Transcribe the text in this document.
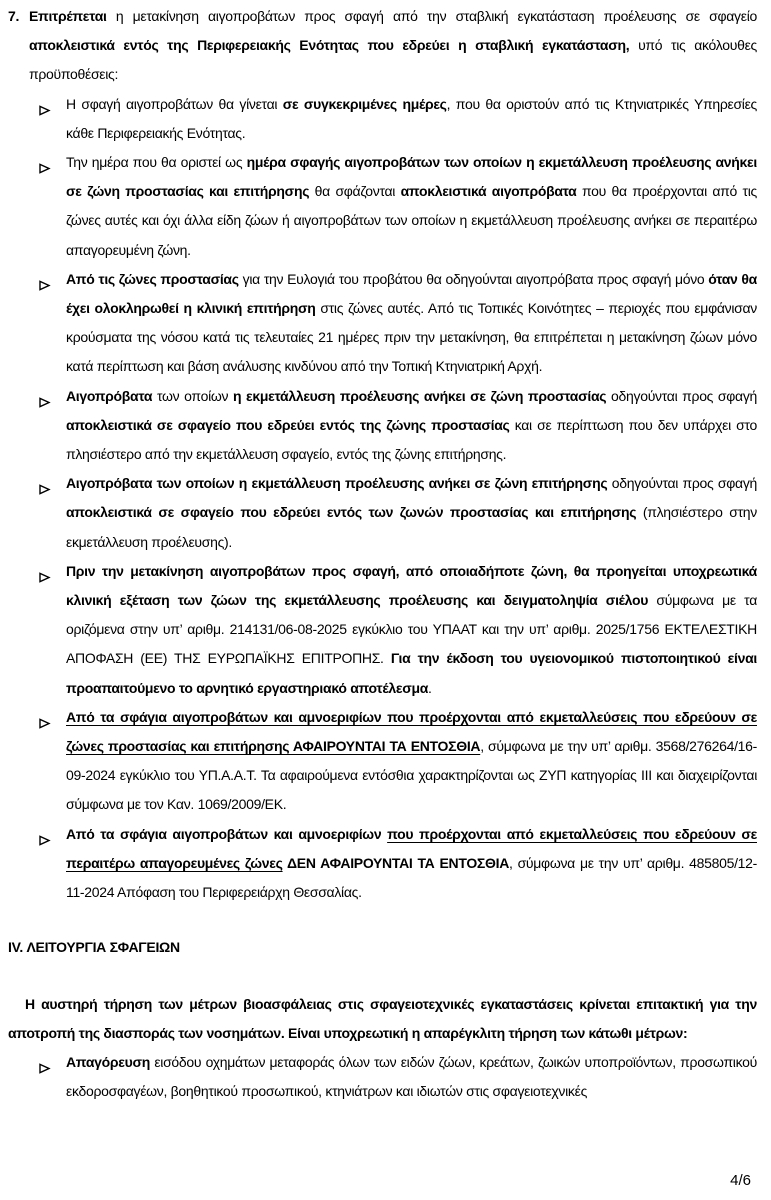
7. Επιτρέπεται η μετακίνηση αιγοπροβάτων προς σφαγή από την σταβλική εγκατάσταση προέλευσης σε σφαγείο αποκλειστικά εντός της Περιφερειακής Ενότητας που εδρεύει η σταβλική εγκατάσταση, υπό τις ακόλουθες προϋποθέσεις:
Η σφαγή αιγοπροβάτων θα γίνεται σε συγκεκριμένες ημέρες, που θα οριστούν από τις Κτηνιατρικές Υπηρεσίες κάθε Περιφερειακής Ενότητας.
Την ημέρα που θα οριστεί ως ημέρα σφαγής αιγοπροβάτων των οποίων η εκμετάλλευση προέλευσης ανήκει σε ζώνη προστασίας και επιτήρησης θα σφάζονται αποκλειστικά αιγοπρόβατα που θα προέρχονται από τις ζώνες αυτές και όχι άλλα είδη ζώων ή αιγοπροβάτων των οποίων η εκμετάλλευση προέλευσης ανήκει σε περαιτέρω απαγορευμένη ζώνη.
Από τις ζώνες προστασίας για την Ευλογιά του προβάτου θα οδηγούνται αιγοπρόβατα προς σφαγή μόνο όταν θα έχει ολοκληρωθεί η κλινική επιτήρηση στις ζώνες αυτές. Από τις Τοπικές Κοινότητες – περιοχές που εμφάνισαν κρούσματα της νόσου κατά τις τελευταίες 21 ημέρες πριν την μετακίνηση, θα επιτρέπεται η μετακίνηση ζώων μόνο κατά περίπτωση και βάση ανάλυσης κινδύνου από την Τοπική Κτηνιατρική Αρχή.
Αιγοπρόβατα των οποίων η εκμετάλλευση προέλευσης ανήκει σε ζώνη προστασίας οδηγούνται προς σφαγή αποκλειστικά σε σφαγείο που εδρεύει εντός της ζώνης προστασίας και σε περίπτωση που δεν υπάρχει στο πλησιέστερο από την εκμετάλλευση σφαγείο, εντός της ζώνης επιτήρησης.
Αιγοπρόβατα των οποίων η εκμετάλλευση προέλευσης ανήκει σε ζώνη επιτήρησης οδηγούνται προς σφαγή αποκλειστικά σε σφαγείο που εδρεύει εντός των ζωνών προστασίας και επιτήρησης (πλησιέστερο στην εκμετάλλευση προέλευσης).
Πριν την μετακίνηση αιγοπροβάτων προς σφαγή, από οποιαδήποτε ζώνη, θα προηγείται υποχρεωτικά κλινική εξέταση των ζώων της εκμετάλλευσης προέλευσης και δειγματοληψία σιέλου σύμφωνα με τα οριζόμενα στην υπ’ αριθμ. 214131/06-08-2025 εγκύκλιο του ΥΠΑΑΤ και την υπ’ αριθμ. 2025/1756 ΕΚΤΕΛΕΣΤΙΚΗ ΑΠΟΦΑΣΗ (ΕΕ) ΤΗΣ ΕΥΡΩΠΑΪΚΗΣ ΕΠΙΤΡΟΠΗΣ. Για την έκδοση του υγειονομικού πιστοποιητικού είναι προαπαιτούμενο το αρνητικό εργαστηριακό αποτέλεσμα.
Από τα σφάγια αιγοπροβάτων και αμνοεριφίων που προέρχονται από εκμεταλλεύσεις που εδρεύουν σε ζώνες προστασίας και επιτήρησης ΑΦΑΙΡΟΥΝΤΑΙ ΤΑ ΕΝΤΟΣΘΙΑ, σύμφωνα με την υπ’ αριθμ. 3568/276264/16-09-2024 εγκύκλιο του ΥΠ.Α.Α.Τ. Τα αφαιρούμενα εντόσθια χαρακτηρίζονται ως ΖΥΠ κατηγορίας ΙΙΙ και διαχειρίζονται σύμφωνα με τον Καν. 1069/2009/ΕΚ.
Από τα σφάγια αιγοπροβάτων και αμνοεριφίων που προέρχονται από εκμεταλλεύσεις που εδρεύουν σε περαιτέρω απαγορευμένες ζώνες ΔΕΝ ΑΦΑΙΡΟΥΝΤΑΙ ΤΑ ΕΝΤΟΣΘΙΑ, σύμφωνα με την υπ’ αριθμ. 485805/12-11-2024 Απόφαση του Περιφερειάρχη Θεσσαλίας.
IV. ΛΕΙΤΟΥΡΓΙΑ ΣΦΑΓΕΙΩΝ
Η αυστηρή τήρηση των μέτρων βιοασφάλειας στις σφαγειοτεχνικές εγκαταστάσεις κρίνεται επιτακτική για την αποτροπή της διασποράς των νοσημάτων. Είναι υποχρεωτική η απαρέγκλιτη τήρηση των κάτωθι μέτρων:
Απαγόρευση εισόδου οχημάτων μεταφοράς όλων των ειδών ζώων, κρεάτων, ζωικών υποπροϊόντων, προσωπικού εκδοροσφαγέων, βοηθητικού προσωπικού, κτηνιάτρων και ιδιωτών στις σφαγειοτεχνικές
4/6
